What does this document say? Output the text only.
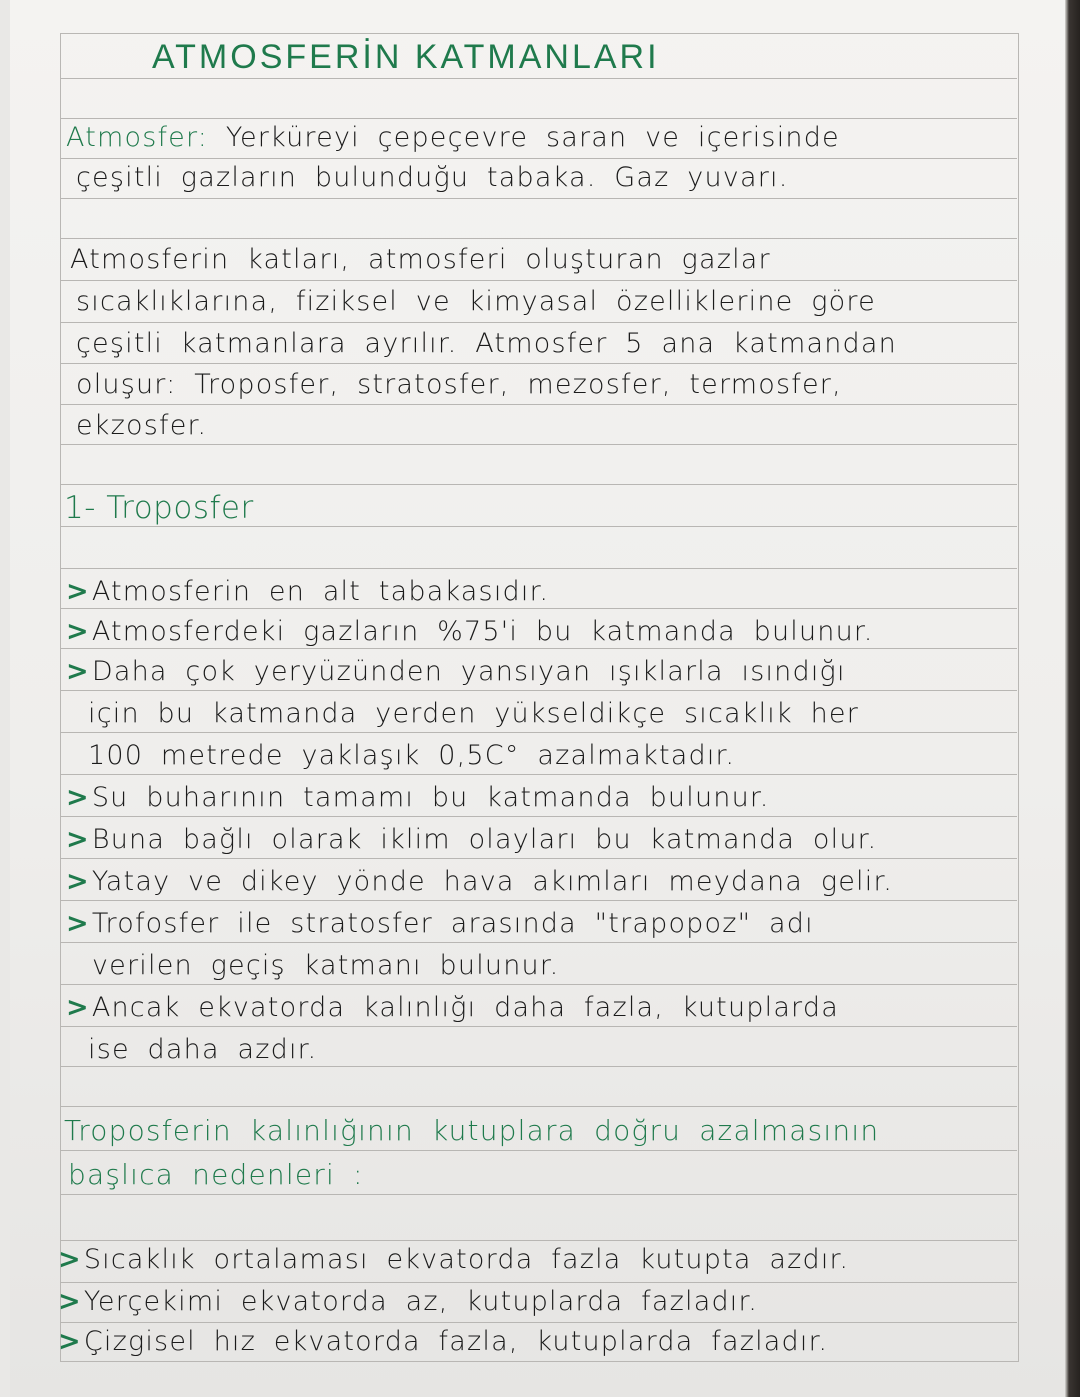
ATMOSFERİN KATMANLARI
Atmosfer: Yerküreyi çepeçevre saran ve içerisinde
çeşitli gazların bulunduğu tabaka. Gaz yuvarı.
Atmosferin katları, atmosferi oluşturan gazlar
sıcaklıklarına, fiziksel ve kimyasal özelliklerine göre
çeşitli katmanlara ayrılır. Atmosfer 5 ana katmandan
oluşur: Troposfer, stratosfer, mezosfer, termosfer,
ekzosfer.
1- Troposfer
>Atmosferin en alt tabakasıdır.
>Atmosferdeki gazların %75'i bu katmanda bulunur.
>Daha çok yeryüzünden yansıyan ışıklarla ısındığı
için bu katmanda yerden yükseldikçe sıcaklık her
100 metrede yaklaşık 0,5C° azalmaktadır.
>Su buharının tamamı bu katmanda bulunur.
>Buna bağlı olarak iklim olayları bu katmanda olur.
>Yatay ve dikey yönde hava akımları meydana gelir.
>Trofosfer ile stratosfer arasında "trapopoz" adı
verilen geçiş katmanı bulunur.
>Ancak ekvatorda kalınlığı daha fazla, kutuplarda
ise daha azdır.
Troposferin kalınlığının kutuplara doğru azalmasının
başlıca nedenleri :
>Sıcaklık ortalaması ekvatorda fazla kutupta azdır.
>Yerçekimi ekvatorda az, kutuplarda fazladır.
>Çizgisel hız ekvatorda fazla, kutuplarda fazladır.
